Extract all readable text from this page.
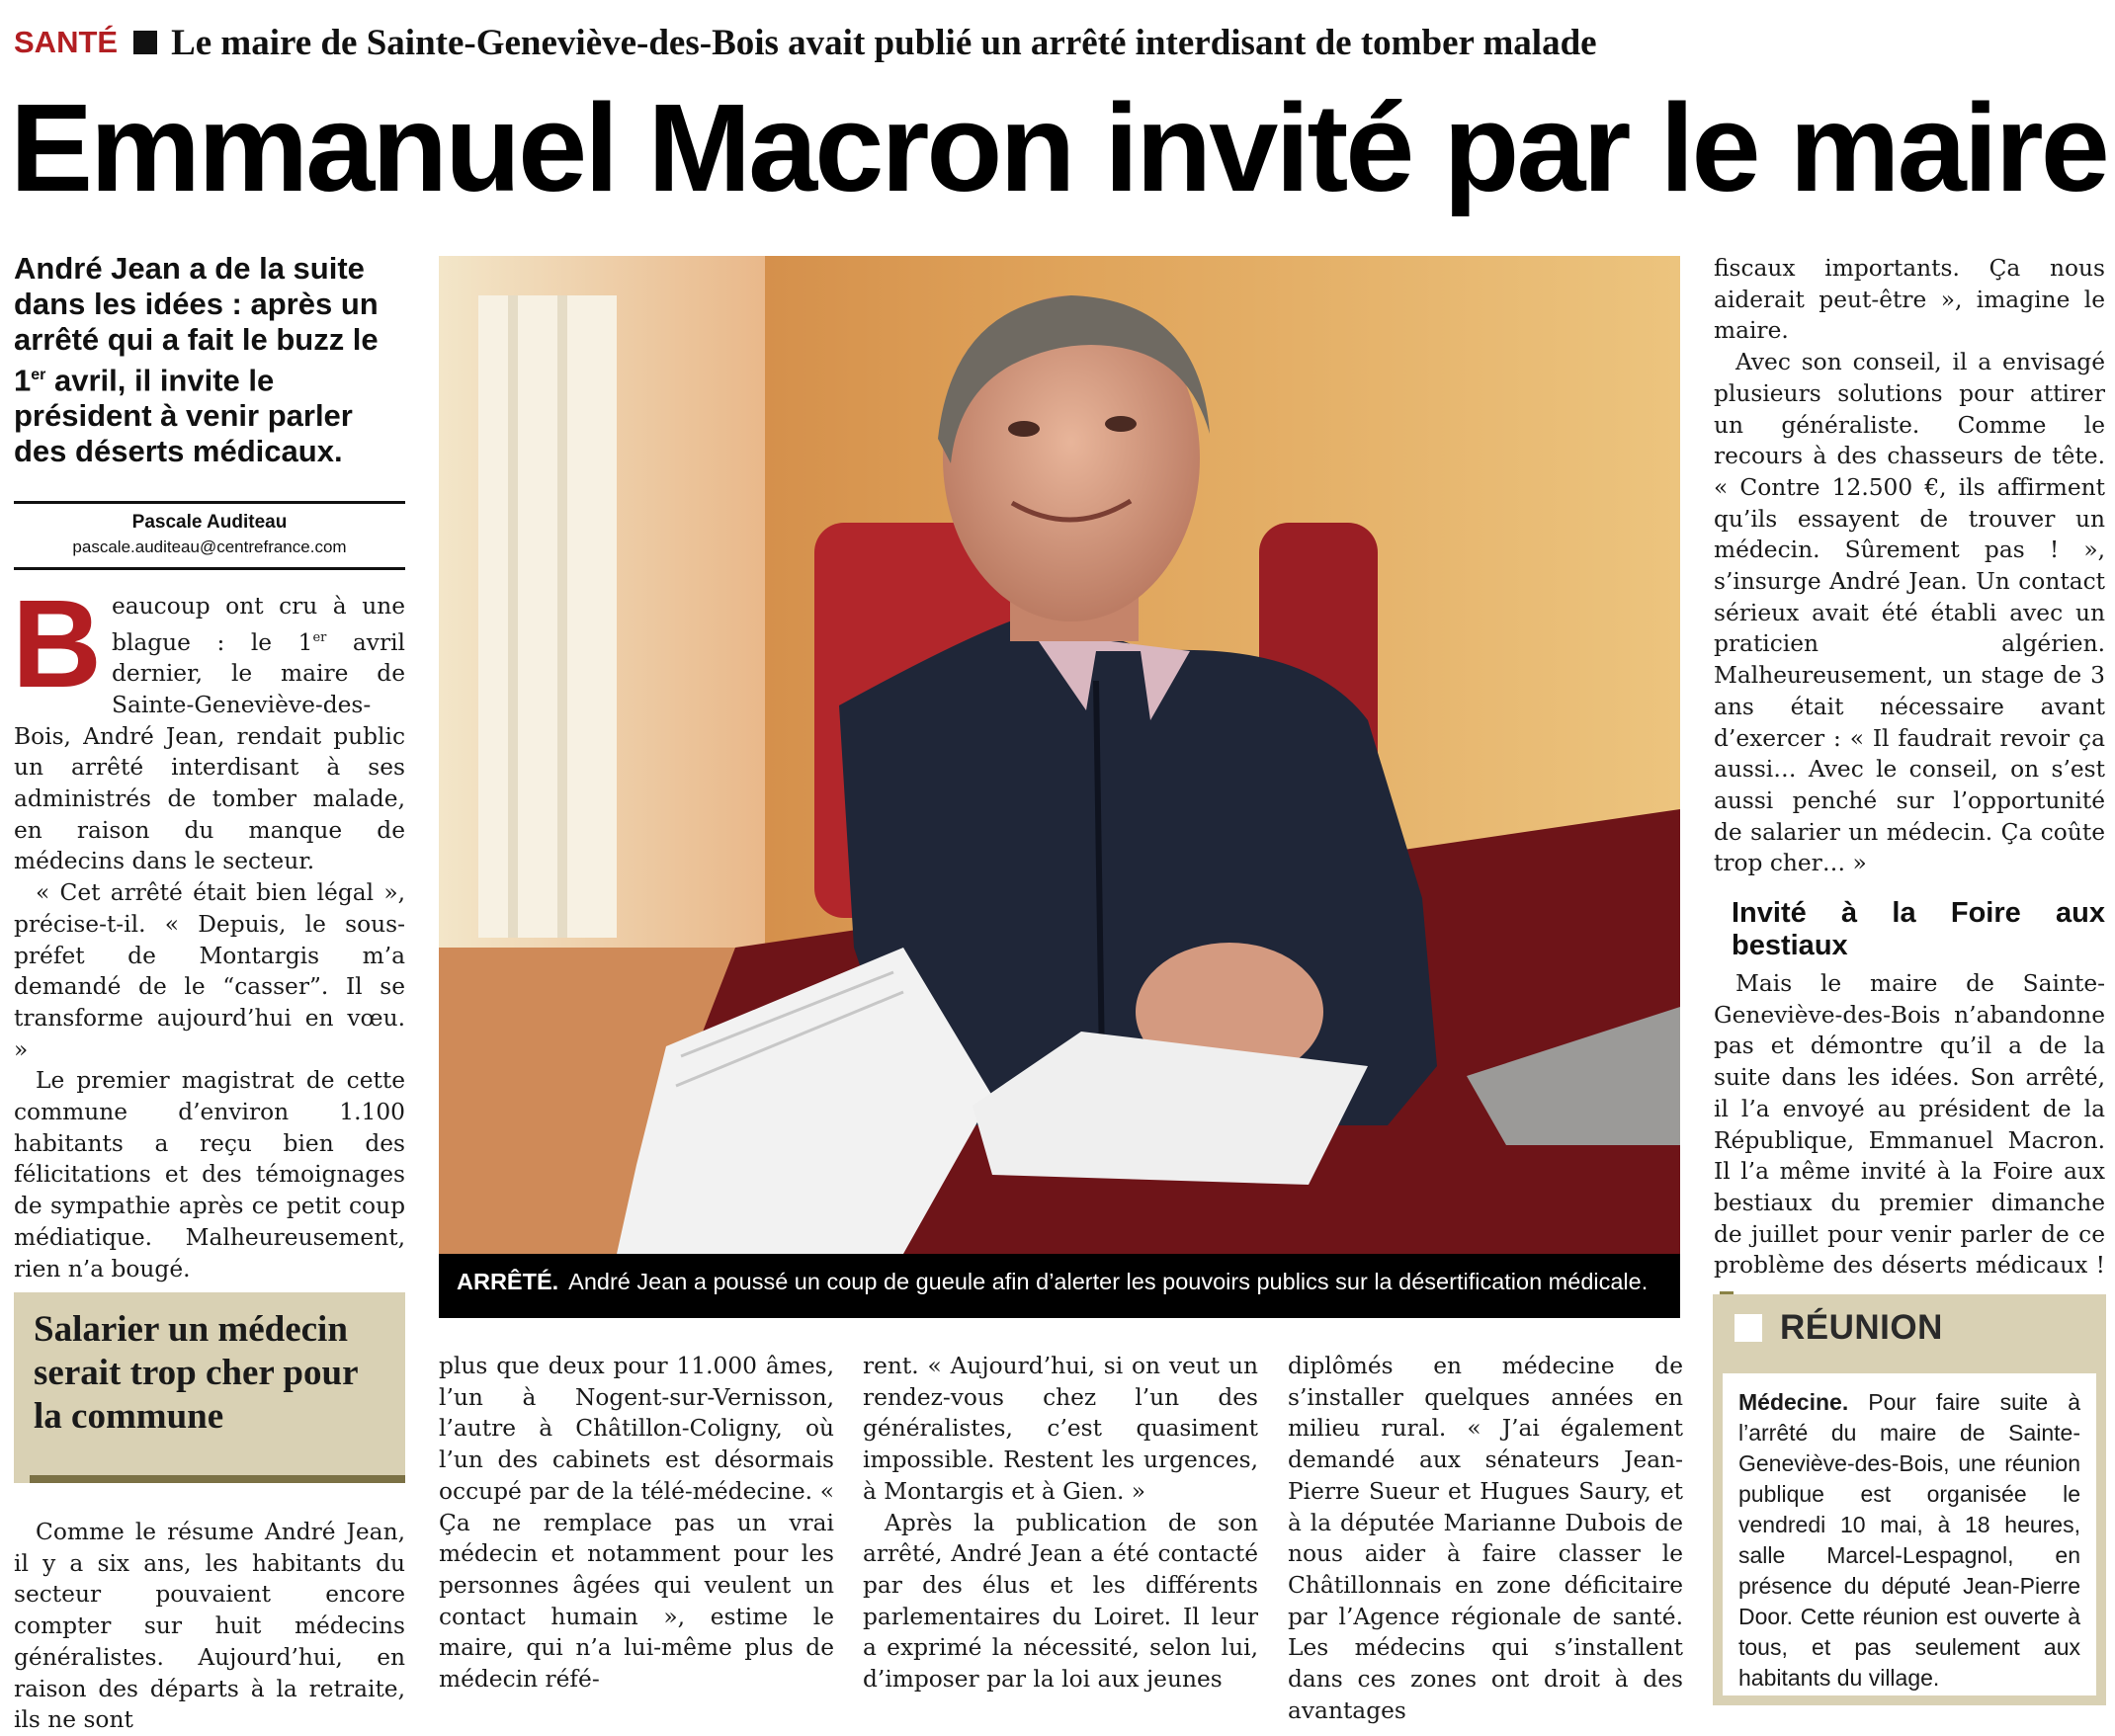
SANTÉ Le maire de Sainte-Geneviève-des-Bois avait publié un arrêté interdisant de tomber malade
Emmanuel Macron invité par le maire
André Jean a de la suite dans les idées : après un arrêté qui a fait le buzz le 1er avril, il invite le président à venir parler des déserts médicaux.
Pascale Auditeau
pascale.auditeau@centrefrance.com

Beaucoup ont cru à une blague : le 1er avril dernier, le maire de Sainte-Geneviève-des-Bois, André Jean, rendait public un arrêté interdisant à ses administrés de tomber malade, en raison du manque de médecins dans le secteur.

« Cet arrêté était bien légal », précise-t-il. « Depuis, le sous-préfet de Montargis m’a demandé de le “casser”. Il se transforme aujourd’hui en vœu. »

Le premier magistrat de cette commune d’environ 1.100 habitants a reçu bien des félicitations et des témoignages de sympathie après ce petit coup médiatique. Malheureusement, rien n’a bougé.

Salarier un médecin serait trop cher pour la commune

Comme le résume André Jean, il y a six ans, les habitants du secteur pouvaient encore compter sur huit médecins généralistes. Aujourd’hui, en raison des départs à la retraite, ils ne sont

ARRÊTÉ. André Jean a poussé un coup de gueule afin d’alerter les pouvoirs publics sur la désertification médicale.

plus que deux pour 11.000 âmes, l’un à Nogent-sur-Vernisson, l’autre à Châtillon-Coligny, où l’un des cabinets est désormais occupé par de la télé-médecine. « Ça ne remplace pas un vrai médecin et notamment pour les personnes âgées qui veulent un contact humain », estime le maire, qui n’a lui-même plus de médecin réfé-

rent. « Aujourd’hui, si on veut un rendez-vous chez l’un des généralistes, c’est quasiment impossible. Restent les urgences, à Montargis et à Gien. »

Après la publication de son arrêté, André Jean a été contacté par des élus et les différents parlementaires du Loiret. Il leur a exprimé la nécessité, selon lui, d’imposer par la loi aux jeunes

diplômés en médecine de s’installer quelques années en milieu rural. « J’ai également demandé aux sénateurs Jean-Pierre Sueur et Hugues Saury, et à la députée Marianne Dubois de nous aider à faire classer le Châtillonnais en zone déficitaire par l’Agence régionale de santé. Les médecins qui s’installent dans ces zones ont droit à des avantages

fiscaux importants. Ça nous aiderait peut-être », imagine le maire.

Avec son conseil, il a envisagé plusieurs solutions pour attirer un généraliste. Comme le recours à des chasseurs de tête. « Contre 12.500 €, ils affirment qu’ils essayent de trouver un médecin. Sûrement pas ! », s’insurge André Jean. Un contact sérieux avait été établi avec un praticien algérien. Malheureusement, un stage de 3 ans était nécessaire avant d’exercer : « Il faudrait revoir ça aussi… Avec le conseil, on s’est aussi penché sur l’opportunité de salarier un médecin. Ça coûte trop cher… »

Invité à la Foire aux bestiaux

Mais le maire de Sainte-Geneviève-des-Bois n’abandonne pas et démontre qu’il a de la suite dans les idées. Son arrêté, il l’a envoyé au président de la République, Emmanuel Macron. Il l’a même invité à la Foire aux bestiaux du premier dimanche de juillet pour venir parler de ce problème des déserts médicaux !

RÉUNION

Médecine. Pour faire suite à l’arrêté du maire de Sainte-Geneviève-des-Bois, une réunion publique est organisée le vendredi 10 mai, à 18 heures, salle Marcel-Lespagnol, en présence du député Jean-Pierre Door. Cette réunion est ouverte à tous, et pas seulement aux habitants du village.
